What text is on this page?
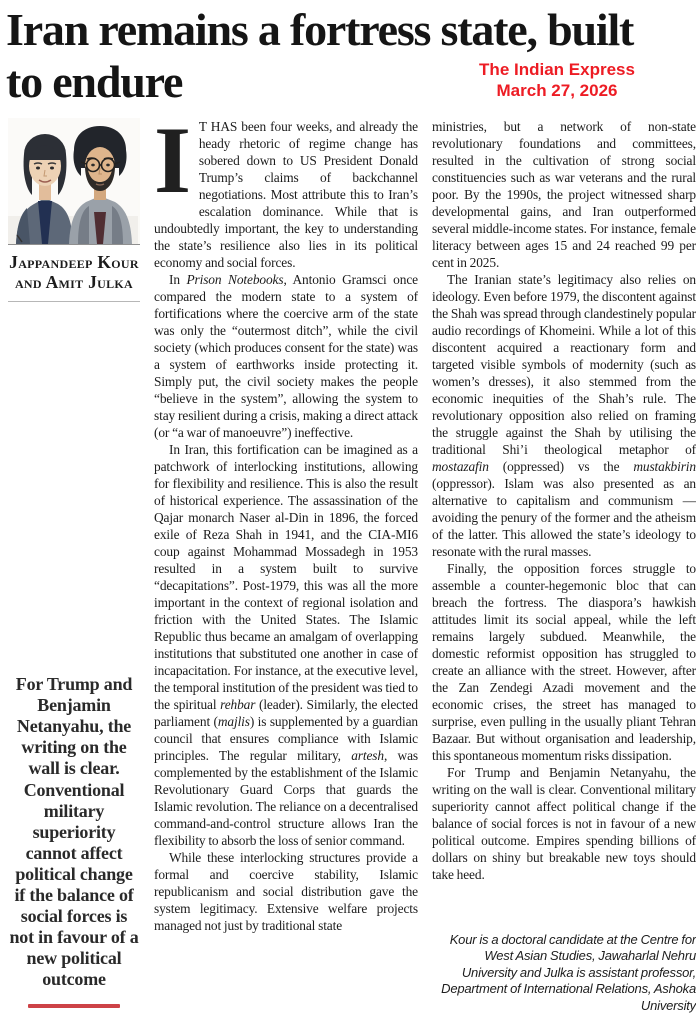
Iran remains a fortress state, built to endure	The Indian Express
March 27, 2026
Jappandeep Kour and Amit Julka
For Trump and Benjamin Netanyahu, the writing on the wall is clear. Conventional military superiority cannot affect political change if the balance of social forces is not in favour of a new political outcome

I T HAS been four weeks, and already the heady rhetoric of regime change has sobered down to US President Donald Trump’s claims of backchannel negotiations. Most attribute this to Iran’s escalation dominance. While that is undoubtedly important, the key to understanding the state’s resilience also lies in its political economy and social forces.

In Prison Notebooks, Antonio Gramsci once compared the modern state to a system of fortifications where the coercive arm of the state was only the “outermost ditch”, while the civil society (which produces consent for the state) was a system of earthworks inside protecting it. Simply put, the civil society makes the people “believe in the system”, allowing the system to stay resilient during a crisis, making a direct attack (or “a war of manoeuvre”) ineffective.

In Iran, this fortification can be imagined as a patchwork of interlocking institutions, allowing for flexibility and resilience. This is also the result of historical experience. The assassination of the Qajar monarch Naser al-Din in 1896, the forced exile of Reza Shah in 1941, and the CIA-MI6 coup against Mohammad Mossadegh in 1953 resulted in a system built to survive “decapitations”. Post-1979, this was all the more important in the context of regional isolation and friction with the United States. The Islamic Republic thus became an amalgam of overlapping institutions that substituted one another in case of incapacitation. For instance, at the executive level, the temporal institution of the president was tied to the spiritual rehbar (leader). Similarly, the elected parliament (majlis) is supplemented by a guardian council that ensures compliance with Islamic principles. The regular military, artesh, was complemented by the establishment of the Islamic Revolutionary Guard Corps that guards the Islamic revolution. The reliance on a decentralised command-and-control structure allows Iran the flexibility to absorb the loss of senior command.

While these interlocking structures provide a formal and coercive stability, Islamic republicanism and social distribution gave the system legitimacy. Extensive welfare projects managed not just by traditional state

ministries, but a network of non-state revolutionary foundations and committees, resulted in the cultivation of strong social constituencies such as war veterans and the rural poor. By the 1990s, the project witnessed sharp developmental gains, and Iran outperformed several middle-income states. For instance, female literacy between ages 15 and 24 reached 99 per cent in 2025.

The Iranian state’s legitimacy also relies on ideology. Even before 1979, the discontent against the Shah was spread through clandestinely popular audio recordings of Khomeini. While a lot of this discontent acquired a reactionary form and targeted visible symbols of modernity (such as women’s dresses), it also stemmed from the economic inequities of the Shah’s rule. The revolutionary opposition also relied on framing the struggle against the Shah by utilising the traditional Shi’i theological metaphor of mostazafin (oppressed) vs the mustakbirin (oppressor). Islam was also presented as an alternative to capitalism and communism — avoiding the penury of the former and the atheism of the latter. This allowed the state’s ideology to resonate with the rural masses.

Finally, the opposition forces struggle to assemble a counter-hegemonic bloc that can breach the fortress. The diaspora’s hawkish attitudes limit its social appeal, while the left remains largely subdued. Meanwhile, the domestic reformist opposition has struggled to create an alliance with the street. However, after the Zan Zendegi Azadi movement and the economic crises, the street has managed to surprise, even pulling in the usually pliant Tehran Bazaar. But without organisation and leadership, this spontaneous momentum risks dissipation.

For Trump and Benjamin Netanyahu, the writing on the wall is clear. Conventional military superiority cannot affect political change if the balance of social forces is not in favour of a new political outcome. Empires spending billions of dollars on shiny but breakable new toys should take heed.

Kour is a doctoral candidate at the Centre for West Asian Studies, Jawaharlal Nehru University and Julka is assistant professor, Department of International Relations, Ashoka University
